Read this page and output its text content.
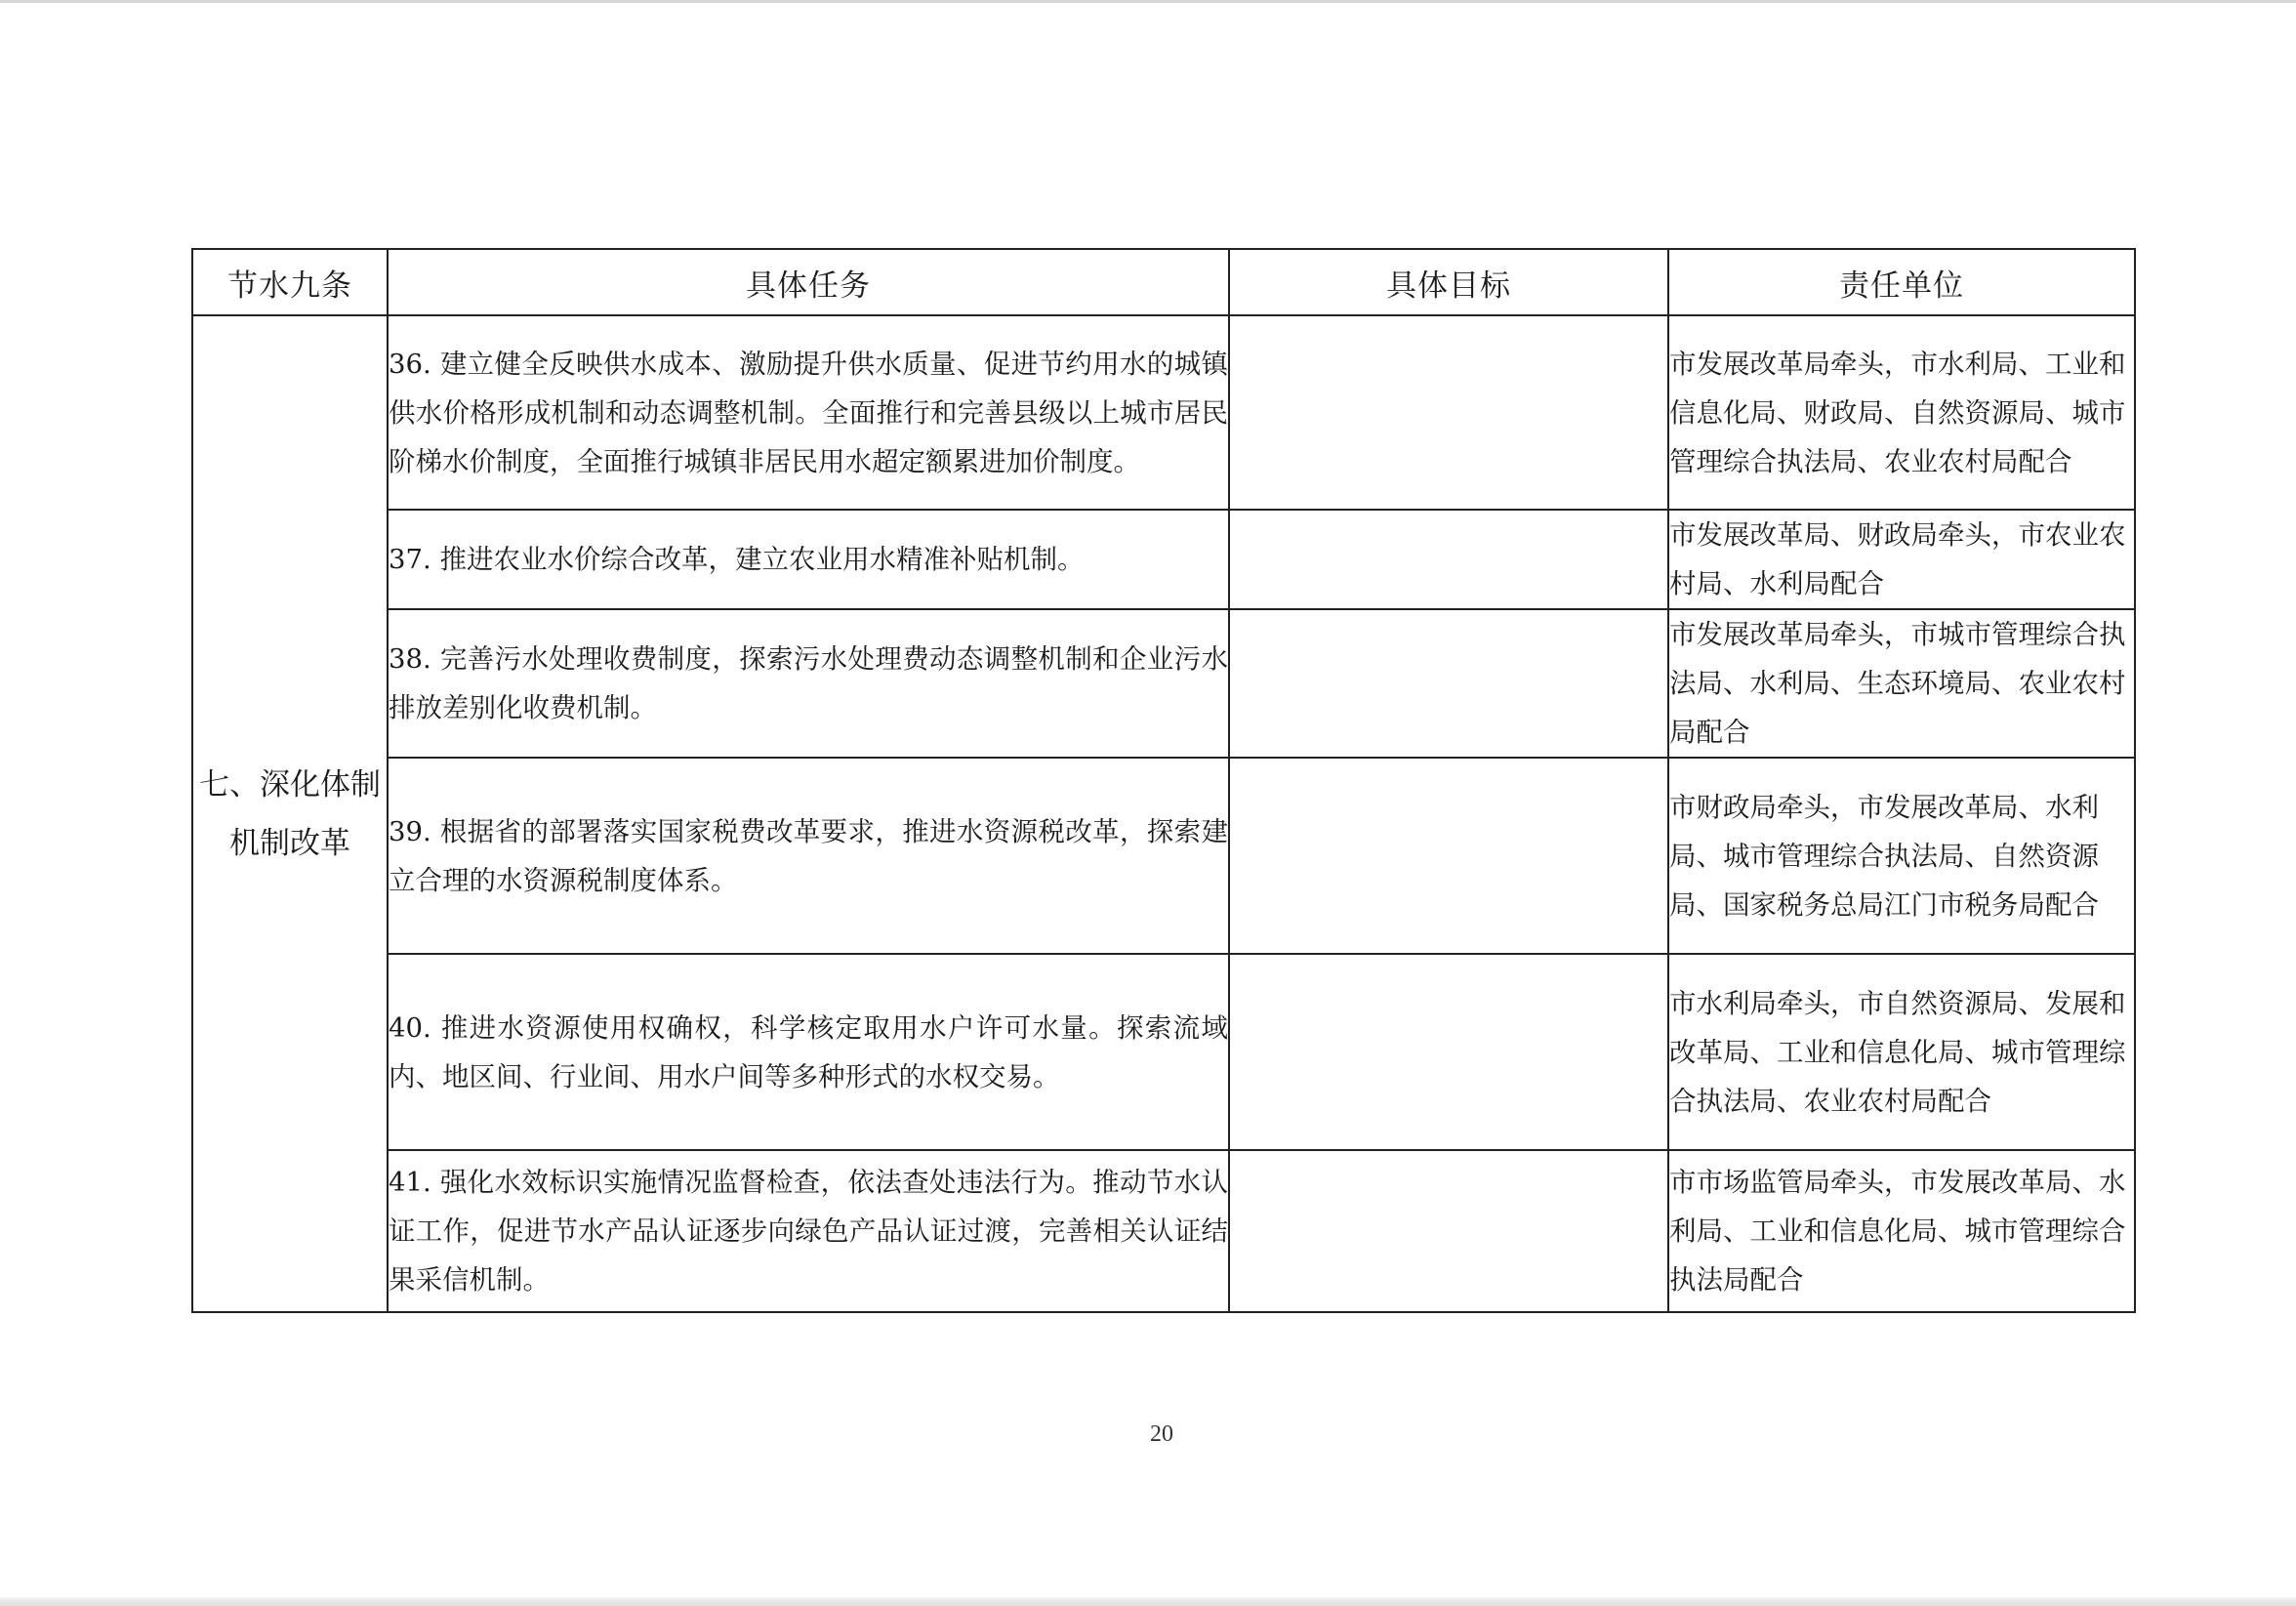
节水九条	具体任务	具体目标	责任单位
七、深化体制机制改革	36. 建立健全反映供水成本、激励提升供水质量、促进节约用水的城镇供水价格形成机制和动态调整机制。全面推行和完善县级以上城市居民阶梯水价制度，全面推行城镇非居民用水超定额累进加价制度。		市发展改革局牵头，市水利局、工业和信息化局、财政局、自然资源局、城市管理综合执法局、农业农村局配合
	37. 推进农业水价综合改革，建立农业用水精准补贴机制。		市发展改革局、财政局牵头，市农业农村局、水利局配合
	38. 完善污水处理收费制度，探索污水处理费动态调整机制和企业污水排放差别化收费机制。		市发展改革局牵头，市城市管理综合执法局、水利局、生态环境局、农业农村局配合
	39. 根据省的部署落实国家税费改革要求，推进水资源税改革，探索建立合理的水资源税制度体系。		市财政局牵头，市发展改革局、水利局、城市管理综合执法局、自然资源局、国家税务总局江门市税务局配合
	40. 推进水资源使用权确权，科学核定取用水户许可水量。探索流域内、地区间、行业间、用水户间等多种形式的水权交易。		市水利局牵头，市自然资源局、发展和改革局、工业和信息化局、城市管理综合执法局、农业农村局配合
	41. 强化水效标识实施情况监督检查，依法查处违法行为。推动节水认证工作，促进节水产品认证逐步向绿色产品认证过渡，完善相关认证结果采信机制。		市市场监管局牵头，市发展改革局、水利局、工业和信息化局、城市管理综合执法局配合
20
